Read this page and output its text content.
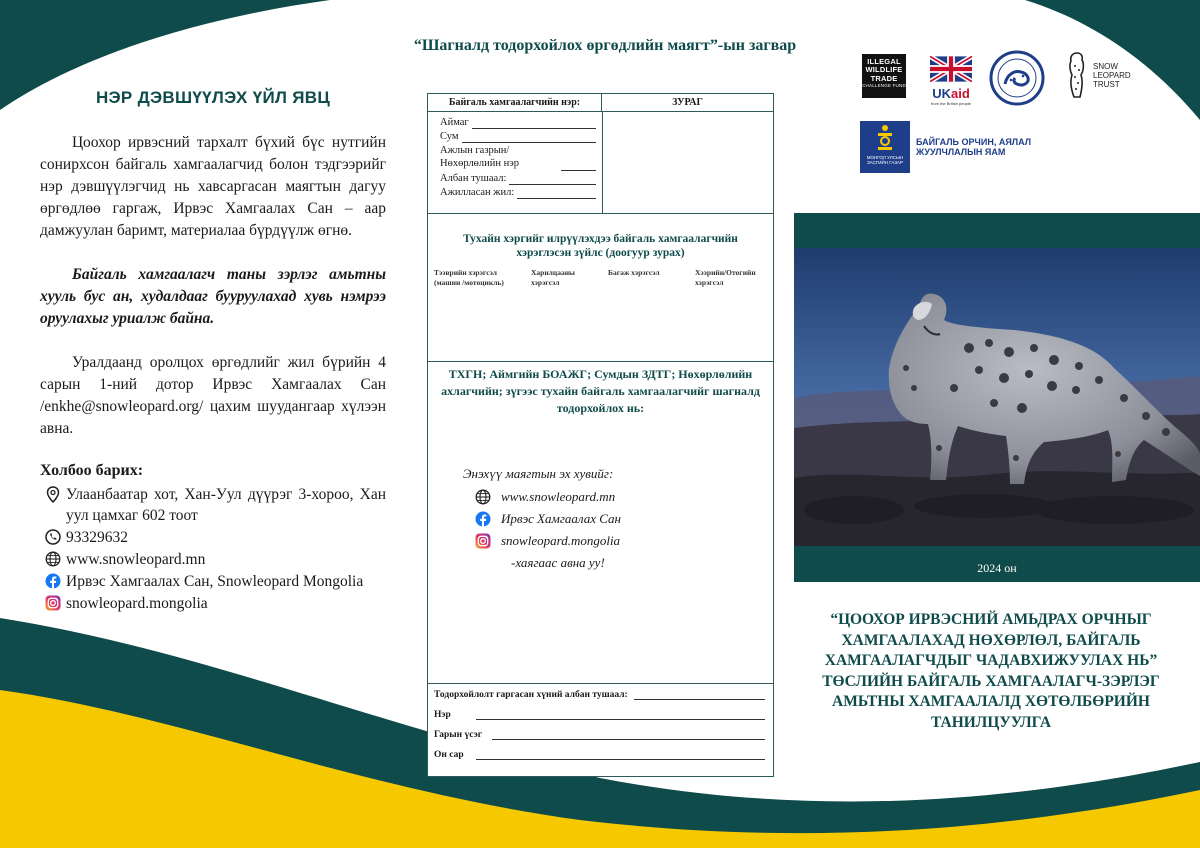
НЭР ДЭВШҮҮЛЭХ ҮЙЛ ЯВЦ

Цоохор ирвэсний тархалт бүхий бүс нутгийн сонирхсон байгаль хамгаалагчид болон тэдгээрийг нэр дэвшүүлэгчид нь хавсаргасан маягтын дагуу өргөдлөө гаргаж, Ирвэс Хамгаалах Сан – аар дамжуулан баримт, материалаа бүрдүүлж өгнө.

Байгаль хамгаалагч таны зэрлэг амьтны хууль бус ан, худалдааг бууруулахад хувь нэмрээ оруулахыг уриалж байна.

Уралдаанд оролцох өргөдлийг жил бүрийн 4 сарын 1-ний дотор Ирвэс Хамгаалах Сан /enkhe@snowleopard.org/ цахим шуудангаар хүлээн авна.

Холбоо барих:
Улаанбаатар хот, Хан-Уул дүүрэг 3-хороо, Хан уул цамхаг 602 тоот
93329632
www.snowleopard.mn
Ирвэс Хамгаалах Сан, Snowleopard Mongolia
snowleopard.mongolia
“Шагналд тодорхойлох өргөдлийн маягт”-ын загвар
Байгаль хамгаалагчийн нэр:	ЗУРАГ
Аймаг
Сум
Ажлын газрын/Нөхөрлөлийн нэр
Албан тушаал:
Ажилласан жил:
Тухайн хэргийг илрүүлэхдээ байгаль хамгаалагчийн хэрэглэсэн зүйлс (доогуур зурах)
Тээврийн хэрэгсэл (машин /мотоцикль)
Харилцааны хэрэгсэл
Багаж хэрэгсэл	Хээрийн/Отогийн хэрэгсэл
ТХГН; Аймгийн БОАЖГ; Сумдын ЗДТГ; Нөхөрлөлийн ахлагчийн; зүгээс тухайн байгаль хамгаалагчийг шагналд тодорхойлох нь:
Энэхүү маягтын эх хувийг:
www.snowleopard.mn
Ирвэс Хамгаалах Сан
snowleopard.mongolia
-хаягаас авна уу!
Тодорхойлолт гаргасан хүний албан тушаал:
Нэр
Гарын үсэг
Он сар
ILLEGAL
WILDLIFE
TRADE
CHALLENGE FUND
UKaid
from the British people
SNOW LEOPARD TRUST
МОНГОЛ УЛСЫН ЗАСГИЙН ГАЗАР
БАЙГАЛЬ ОРЧИН, АЯЛАЛ ЖУУЛЧЛАЛЫН ЯАМ
2024 он
“ЦООХОР ИРВЭСНИЙ АМЬДРАХ ОРЧНЫГ ХАМГААЛАХАД НӨХӨРЛӨЛ, БАЙГАЛЬ ХАМГААЛАГЧДЫГ ЧАДАВХИЖУУЛАХ НЬ” ТӨСЛИЙН БАЙГАЛЬ ХАМГААЛАГЧ-ЗЭРЛЭГ АМЬТНЫ ХАМГААЛАЛД ХӨТӨЛБӨРИЙН ТАНИЛЦУУЛГА
